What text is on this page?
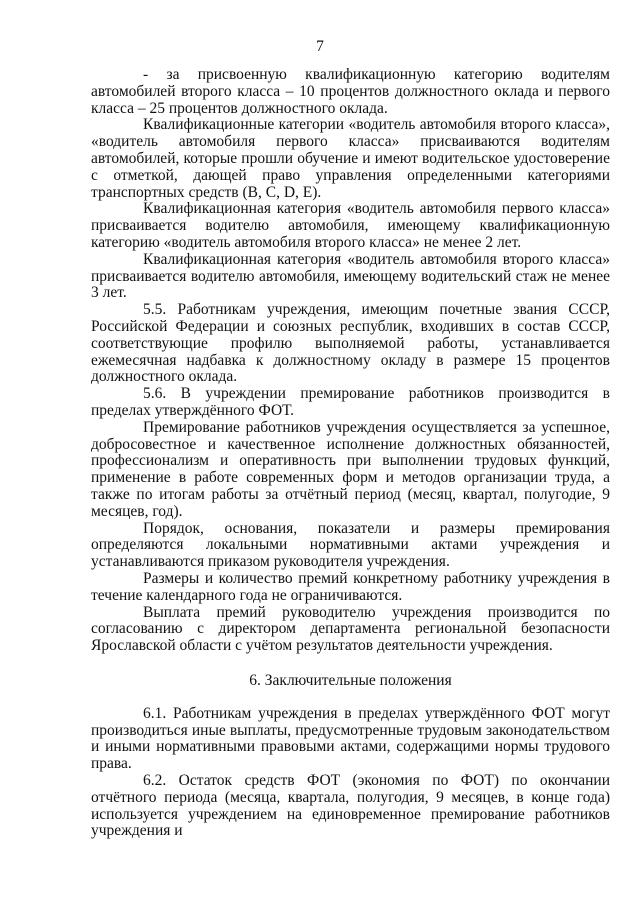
7

- за присвоенную квалификационную категорию водителям автомобилей второго класса – 10 процентов должностного оклада и первого класса – 25 процентов должностного оклада.

Квалификационные категории «водитель автомобиля второго класса», «водитель автомобиля первого класса» присваиваются водителям автомобилей, которые прошли обучение и имеют водительское удостоверение с отметкой, дающей право управления определенными категориями транспортных средств (B, C, D, E).

Квалификационная категория «водитель автомобиля первого класса» присваивается водителю автомобиля, имеющему квалификационную категорию «водитель автомобиля второго класса» не менее 2 лет.

Квалификационная категория «водитель автомобиля второго класса» присваивается водителю автомобиля, имеющему водительский стаж не менее 3 лет.

5.5. Работникам учреждения, имеющим почетные звания СССР, Российской Федерации и союзных республик, входивших в состав СССР, соответствующие профилю выполняемой работы, устанавливается ежемесячная надбавка к должностному окладу в размере 15 процентов должностного оклада.

5.6. В учреждении премирование работников производится в пределах утверждённого ФОТ.

Премирование работников учреждения осуществляется за успешное, добросовестное и качественное исполнение должностных обязанностей, профессионализм и оперативность при выполнении трудовых функций, применение в работе современных форм и методов организации труда, а также по итогам работы за отчётный период (месяц, квартал, полугодие, 9 месяцев, год).

Порядок, основания, показатели и размеры премирования определяются локальными нормативными актами учреждения и устанавливаются приказом руководителя учреждения.

Размеры и количество премий конкретному работнику учреждения в течение календарного года не ограничиваются.

Выплата премий руководителю учреждения производится по согласованию с директором департамента региональной безопасности Ярославской области с учётом результатов деятельности учреждения.

6. Заключительные положения

6.1. Работникам учреждения в пределах утверждённого ФОТ могут производиться иные выплаты, предусмотренные трудовым законодательством и иными нормативными правовыми актами, содержащими нормы трудового права.

6.2. Остаток средств ФОТ (экономия по ФОТ) по окончании отчётного периода (месяца, квартала, полугодия, 9 месяцев, в конце года) используется учреждением на единовременное премирование работников учреждения и
